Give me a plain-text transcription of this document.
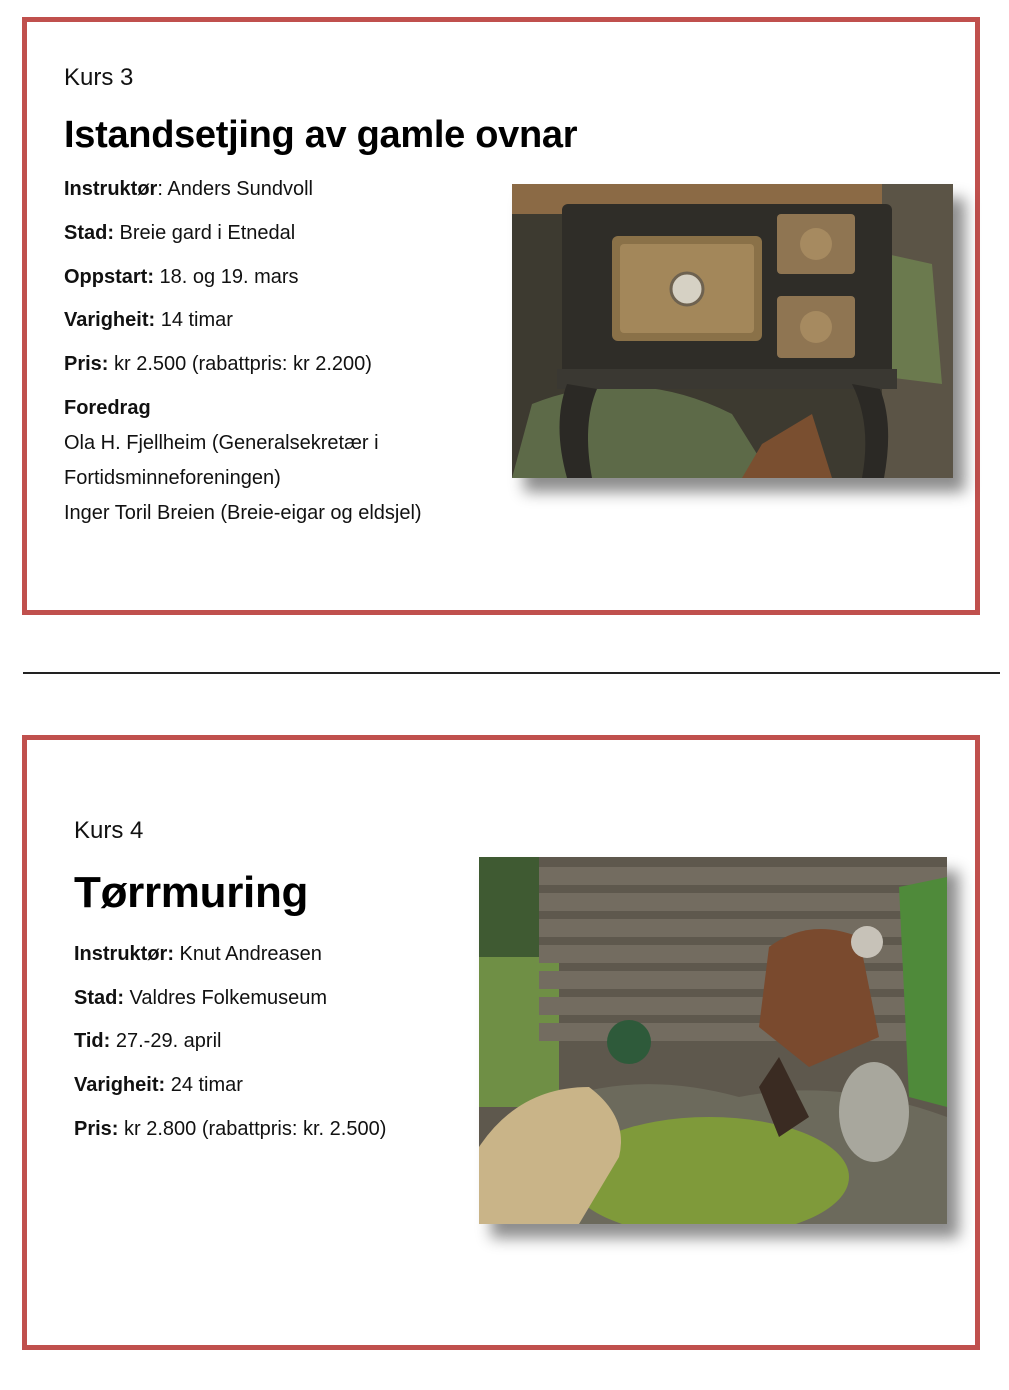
Kurs 3
Istandsetjing av gamle ovnar
Instruktør: Anders Sundvoll
Stad: Breie gard i Etnedal
Oppstart: 18. og 19. mars
Varigheit: 14 timar
Pris: kr 2.500 (rabattpris: kr 2.200)
Foredrag
Ola H. Fjellheim (Generalsekretær i
Fortidsminneforeningen)
Inger Toril Breien (Breie-eigar og eldsjel)
Kurs 4
Tørrmuring
Instruktør: Knut Andreasen
Stad: Valdres Folkemuseum
Tid: 27.-29. april
Varigheit: 24 timar
Pris: kr 2.800 (rabattpris: kr. 2.500)
